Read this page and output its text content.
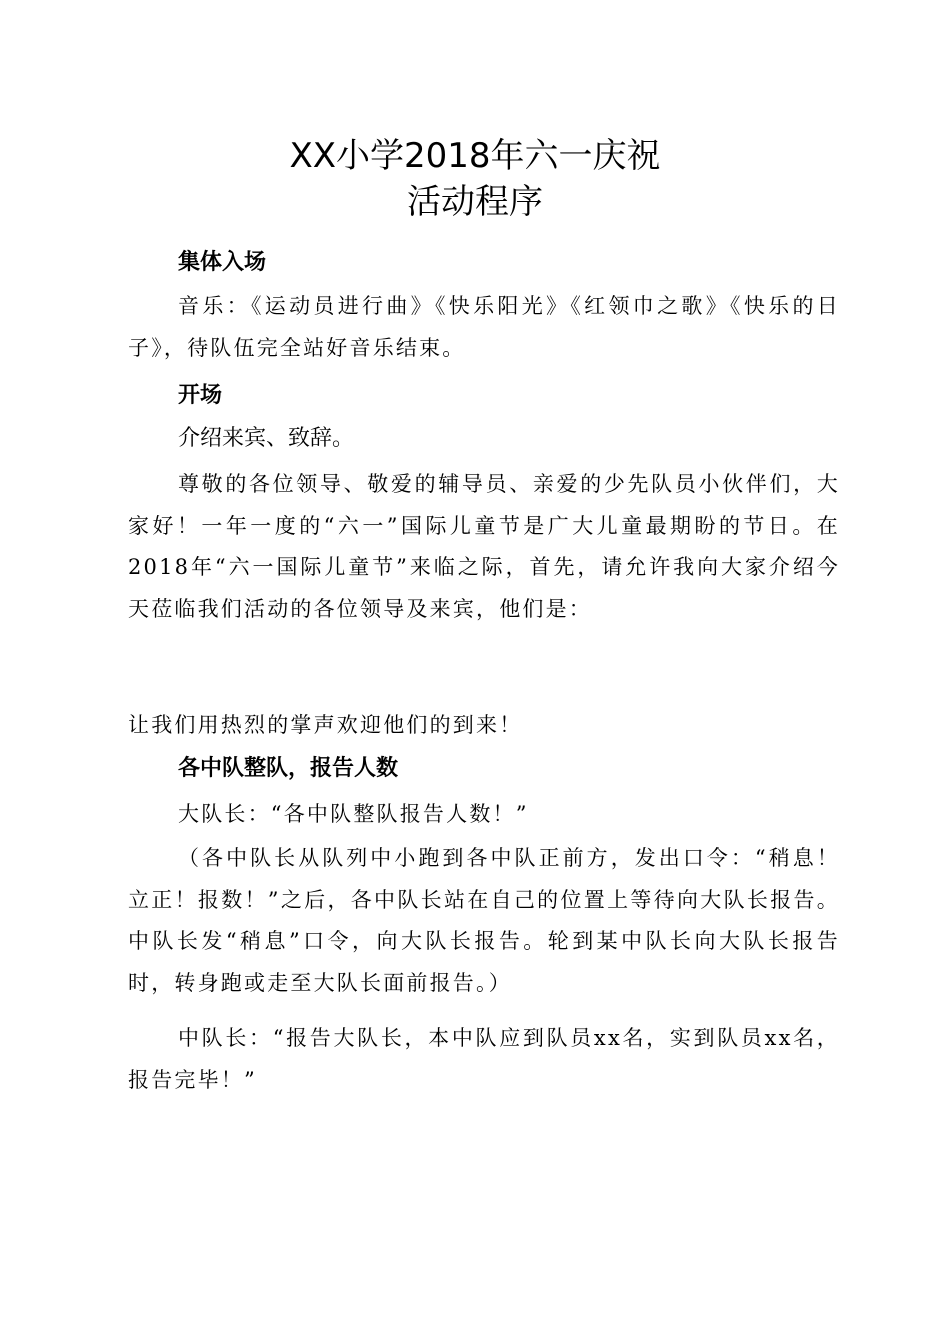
XX小学2018年六一庆祝
活动程序
集体入场

音乐：《运动员进行曲》《快乐阳光》《红领巾之歌》《快乐的日子》，待队伍完全站好音乐结束。

开场
介绍来宾、致辞。

尊敬的各位领导、敬爱的辅导员、亲爱的少先队员小伙伴们，大家好！一年一度的“六一”国际儿童节是广大儿童最期盼的节日。在2018年“六一国际儿童节”来临之际，首先，请允许我向大家介绍今天莅临我们活动的各位领导及来宾，他们是：

让我们用热烈的掌声欢迎他们的到来！

各中队整队，报告人数

大队长：“各中队整队报告人数！”

（各中队长从队列中小跑到各中队正前方，发出口令：“稍息！立正！报数！”之后，各中队长站在自己的位置上等待向大队长报告。中队长发“稍息”口令，向大队长报告。轮到某中队长向大队长报告时，转身跑或走至大队长面前报告。）

中队长：“报告大队长，本中队应到队员xx名，实到队员xx名，报告完毕！”
